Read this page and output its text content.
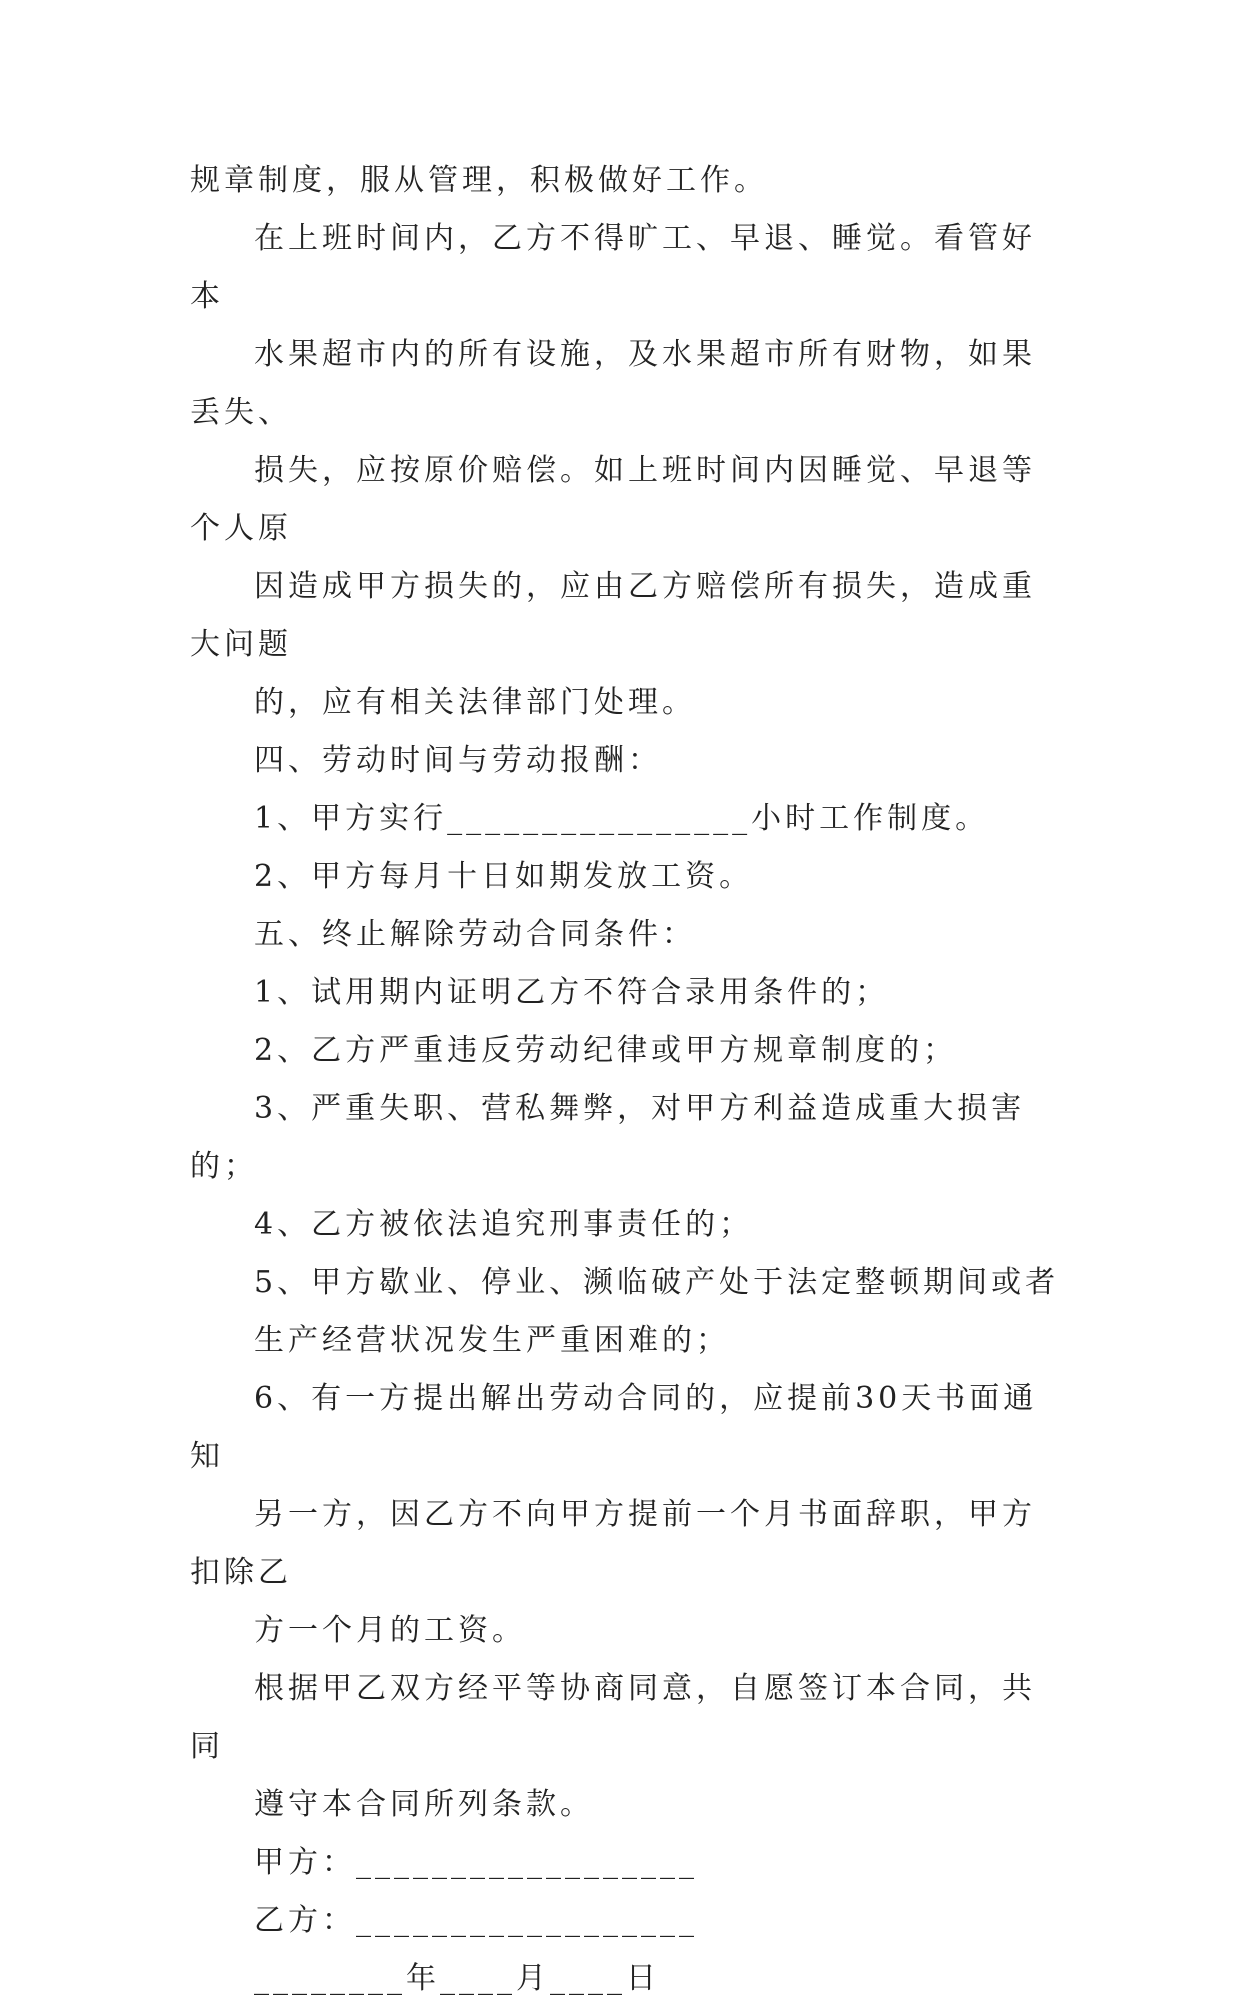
规章制度，服从管理，积极做好工作。

在上班时间内，乙方不得旷工、早退、睡觉。看管好本
水果超市内的所有设施，及水果超市所有财物，如果丢失、
损失，应按原价赔偿。如上班时间内因睡觉、早退等个人原
因造成甲方损失的，应由乙方赔偿所有损失，造成重大问题
的，应有相关法律部门处理。

四、劳动时间与劳动报酬：

1、甲方实行________________小时工作制度。

2、甲方每月十日如期发放工资。

五、终止解除劳动合同条件：

1、试用期内证明乙方不符合录用条件的；

2、乙方严重违反劳动纪律或甲方规章制度的；

3、严重失职、营私舞弊，对甲方利益造成重大损害的；

4、乙方被依法追究刑事责任的；

5、甲方歇业、停业、濒临破产处于法定整顿期间或者
生产经营状况发生严重困难的；

6、有一方提出解出劳动合同的，应提前30天书面通知
另一方，因乙方不向甲方提前一个月书面辞职，甲方扣除乙
方一个月的工资。

根据甲乙双方经平等协商同意，自愿签订本合同，共同
遵守本合同所列条款。

甲方：__________________

乙方：__________________

________年____月____日
